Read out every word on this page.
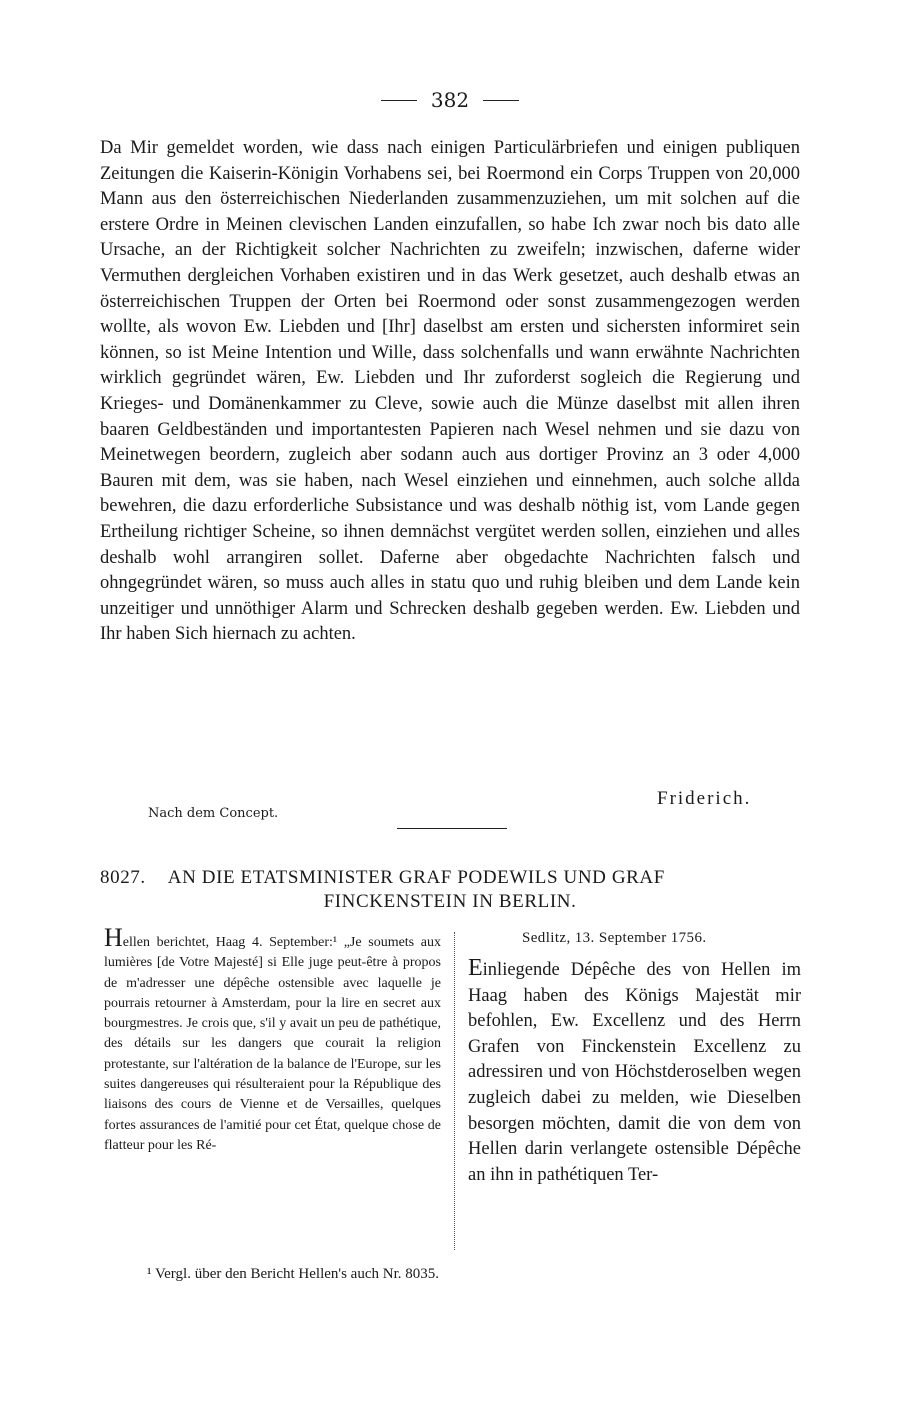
382

Da Mir gemeldet worden, wie dass nach einigen Particulärbriefen und einigen publiquen Zeitungen die Kaiserin-Königin Vorhabens sei, bei Roermond ein Corps Truppen von 20,000 Mann aus den österreichischen Niederlanden zusammenzuziehen, um mit solchen auf die erstere Ordre in Meinen clevischen Landen einzufallen, so habe Ich zwar noch bis dato alle Ursache, an der Richtigkeit solcher Nachrichten zu zweifeln; inzwischen, daferne wider Vermuthen dergleichen Vorhaben existiren und in das Werk gesetzet, auch deshalb etwas an österreichischen Truppen der Orten bei Roermond oder sonst zusammengezogen werden wollte, als wovon Ew. Liebden und [Ihr] daselbst am ersten und sichersten informiret sein können, so ist Meine Intention und Wille, dass solchenfalls und wann erwähnte Nachrichten wirklich gegründet wären, Ew. Liebden und Ihr zuforderst sogleich die Regierung und Krieges- und Domänenkammer zu Cleve, sowie auch die Münze daselbst mit allen ihren baaren Geldbeständen und importantesten Papieren nach Wesel nehmen und sie dazu von Meinetwegen beordern, zugleich aber sodann auch aus dortiger Provinz an 3 oder 4,000 Bauren mit dem, was sie haben, nach Wesel einziehen und einnehmen, auch solche allda bewehren, die dazu erforderliche Subsistance und was deshalb nöthig ist, vom Lande gegen Ertheilung richtiger Scheine, so ihnen demnächst vergütet werden sollen, einziehen und alles deshalb wohl arrangiren sollet. Daferne aber obgedachte Nachrichten falsch und ohngegründet wären, so muss auch alles in statu quo und ruhig bleiben und dem Lande kein unzeitiger und unnöthiger Alarm und Schrecken deshalb gegeben werden. Ew. Liebden und Ihr haben Sich hiernach zu achten.

Friderich.
Nach dem Concept.
8027. AN DIE ETATSMINISTER GRAF PODEWILS UND GRAF
FINCKENSTEIN IN BERLIN.
Hellen berichtet, Haag 4. September:¹ „Je soumets aux lumières [de Votre Majesté] si Elle juge peut-être à propos de m'adresser une dépêche ostensible avec laquelle je pourrais retourner à Amsterdam, pour la lire en secret aux bourgmestres. Je crois que, s'il y avait un peu de pathétique, des détails sur les dangers que courait la religion protestante, sur l'altération de la balance de l'Europe, sur les suites dangereuses qui résulteraient pour la République des liaisons des cours de Vienne et de Versailles, quelques fortes assurances de l'amitié pour cet État, quelque chose de flatteur pour les Ré-
Sedlitz, 13. September 1756.
Einliegende Dépêche des von Hellen im Haag haben des Königs Majestät mir befohlen, Ew. Excellenz und des Herrn Grafen von Finckenstein Excellenz zu adressiren und von Höchstderoselben wegen zugleich dabei zu melden, wie Dieselben besorgen möchten, damit die von dem von Hellen darin verlangete ostensible Dépêche an ihn in pathétiquen Ter-
¹ Vergl. über den Bericht Hellen's auch Nr. 8035.
